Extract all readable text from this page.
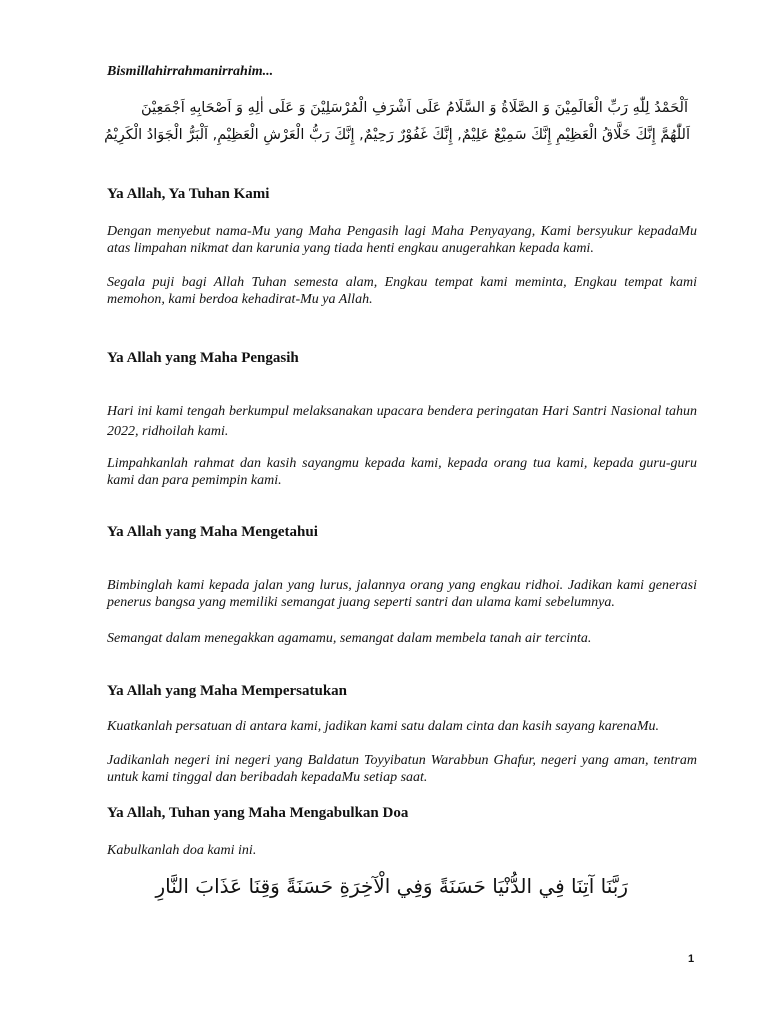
Bismillahirrahmanirrahim...
اَلْحَمْدُ لِلّٰهِ رَبِّ الْعَالَمِيْنَ وَ الصَّلَاةُ وَ السَّلَامُ عَلَى اَشْرَفِ الْمُرْسَلِيْنَ وَ عَلَى اٰلِهِ وَ اَصْحَابِهِ اَجْمَعِيْنَ
اَللّٰهُمَّ إِنَّكَ خَلَّاقُ الْعَظِيْمِ إِنَّكَ سَمِيْعٌ عَلِيْمٌ, إِنَّكَ غَفُوْرٌ رَحِيْمٌ, إِنَّكَ رَبُّ الْعَرْشِ الْعَظِيْمِ, اَلْبَرُّ الْجَوَادُ الْكَرِيْمُ
Ya Allah, Ya Tuhan Kami
Dengan menyebut nama-Mu yang Maha Pengasih lagi Maha Penyayang, Kami bersyukur kepadaMu atas limpahan nikmat dan karunia yang tiada henti engkau anugerahkan kepada kami.
Segala puji bagi Allah Tuhan semesta alam, Engkau tempat kami meminta, Engkau tempat kami memohon, kami berdoa kehadirat-Mu ya Allah.
Ya Allah yang Maha Pengasih
Hari ini kami tengah berkumpul melaksanakan upacara bendera peringatan Hari Santri Nasional tahun 2022, ridhoilah kami.
Limpahkanlah rahmat dan kasih sayangmu kepada kami, kepada orang tua kami, kepada guru-guru kami dan para pemimpin kami.
Ya Allah yang Maha Mengetahui
Bimbinglah kami kepada jalan yang lurus, jalannya orang yang engkau ridhoi. Jadikan kami generasi penerus bangsa yang memiliki semangat juang seperti santri dan ulama kami sebelumnya.
Semangat dalam menegakkan agamamu, semangat dalam membela tanah air tercinta.
Ya Allah yang Maha Mempersatukan
Kuatkanlah persatuan di antara kami, jadikan kami satu dalam cinta dan kasih sayang karenaMu.
Jadikanlah negeri ini negeri yang Baldatun Toyyibatun Warabbun Ghafur, negeri yang aman, tentram untuk kami tinggal dan beribadah kepadaMu setiap saat.
Ya Allah, Tuhan yang Maha Mengabulkan Doa
Kabulkanlah doa kami ini.
رَبَّنَا آتِنَا فِي الدُّنْيَا حَسَنَةً وَفِي الْآخِرَةِ حَسَنَةً وَقِنَا عَذَابَ النَّارِ
1
